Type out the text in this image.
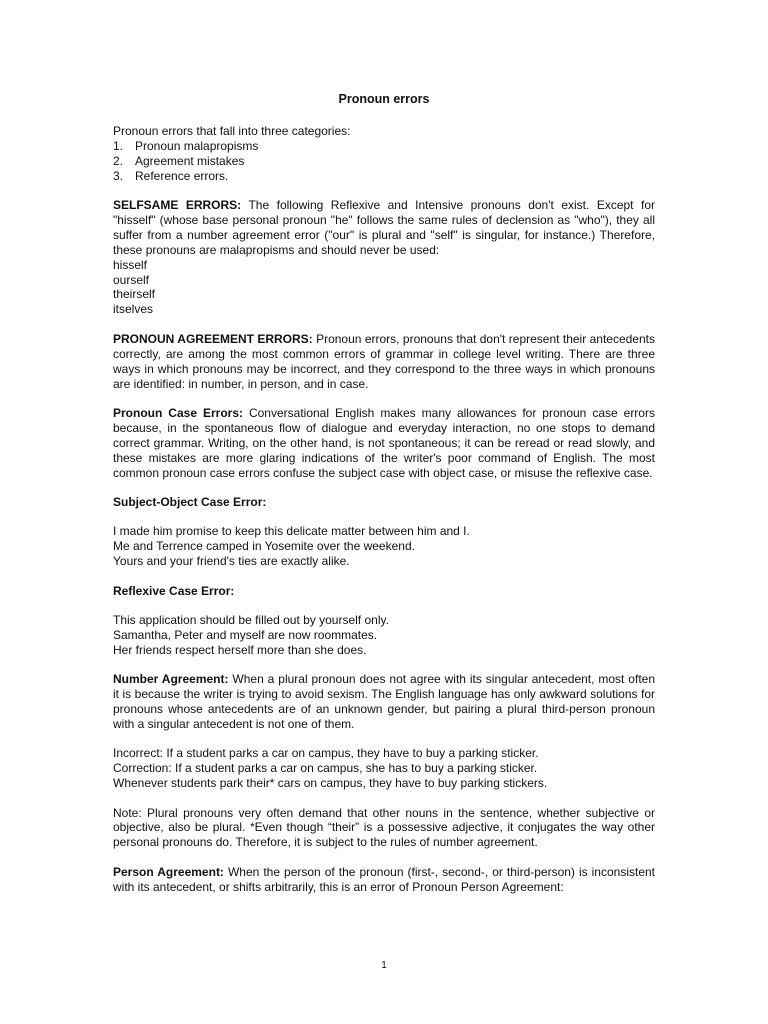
Pronoun errors

Pronoun errors that fall into three categories:

1. Pronoun malapropisms
2. Agreement mistakes
3. Reference errors.

SELFSAME ERRORS: The following Reflexive and Intensive pronouns don't exist. Except for "hisself" (whose base personal pronoun "he" follows the same rules of declension as "who"), they all suffer from a number agreement error ("our" is plural and "self" is singular, for instance.) Therefore, these pronouns are malapropisms and should never be used:

hisself
ourself
theirself
itselves

PRONOUN AGREEMENT ERRORS: Pronoun errors, pronouns that don't represent their antecedents correctly, are among the most common errors of grammar in college level writing. There are three ways in which pronouns may be incorrect, and they correspond to the three ways in which pronouns are identified: in number, in person, and in case.

Pronoun Case Errors: Conversational English makes many allowances for pronoun case errors because, in the spontaneous flow of dialogue and everyday interaction, no one stops to demand correct grammar. Writing, on the other hand, is not spontaneous; it can be reread or read slowly, and these mistakes are more glaring indications of the writer's poor command of English. The most common pronoun case errors confuse the subject case with object case, or misuse the reflexive case.

Subject-Object Case Error:
I made him promise to keep this delicate matter between him and I.
Me and Terrence camped in Yosemite over the weekend.
Yours and your friend's ties are exactly alike.
Reflexive Case Error:
This application should be filled out by yourself only.
Samantha, Peter and myself are now roommates.
Her friends respect herself more than she does.

Number Agreement: When a plural pronoun does not agree with its singular antecedent, most often it is because the writer is trying to avoid sexism. The English language has only awkward solutions for pronouns whose antecedents are of an unknown gender, but pairing a plural third-person pronoun with a singular antecedent is not one of them.

Incorrect: If a student parks a car on campus, they have to buy a parking sticker.
Correction: If a student parks a car on campus, she has to buy a parking sticker.
Whenever students park their* cars on campus, they have to buy parking stickers.

Note: Plural pronouns very often demand that other nouns in the sentence, whether subjective or objective, also be plural. *Even though “their” is a possessive adjective, it conjugates the way other personal pronouns do. Therefore, it is subject to the rules of number agreement.

Person Agreement: When the person of the pronoun (first-, second-, or third-person) is inconsistent with its antecedent, or shifts arbitrarily, this is an error of Pronoun Person Agreement:

1
